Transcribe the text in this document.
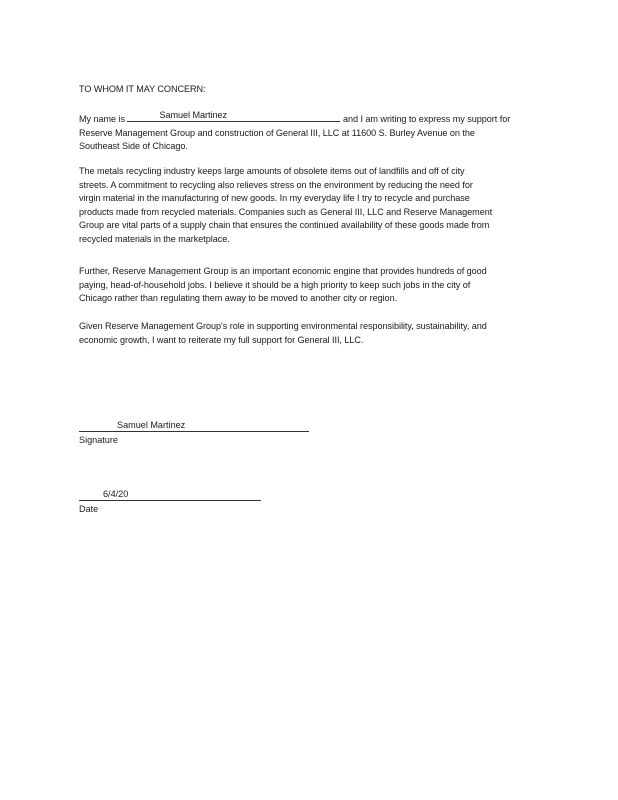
TO WHOM IT MAY CONCERN:
My name is	Samuel Martinez	and I am writing to express my support for
Reserve Management Group and construction of General III, LLC at 11600 S. Burley Avenue on the
Southeast Side of Chicago.
The metals recycling industry keeps large amounts of obsolete items out of landfills and off of city
streets. A commitment to recycling also relieves stress on the environment by reducing the need for
virgin material in the manufacturing of new goods. In my everyday life I try to recycle and purchase
products made from recycled materials. Companies such as General III, LLC and Reserve Management
Group are vital parts of a supply chain that ensures the continued availability of these goods made from
recycled materials in the marketplace.
Further, Reserve Management Group is an important economic engine that provides hundreds of good
paying, head-of-household jobs. I believe it should be a high priority to keep such jobs in the city of
Chicago rather than regulating them away to be moved to another city or region.
Given Reserve Management Group's role in supporting environmental responsibility, sustainability, and
economic growth, I want to reiterate my full support for General III, LLC.
Samuel Martinez
Signature
6/4/20
Date
